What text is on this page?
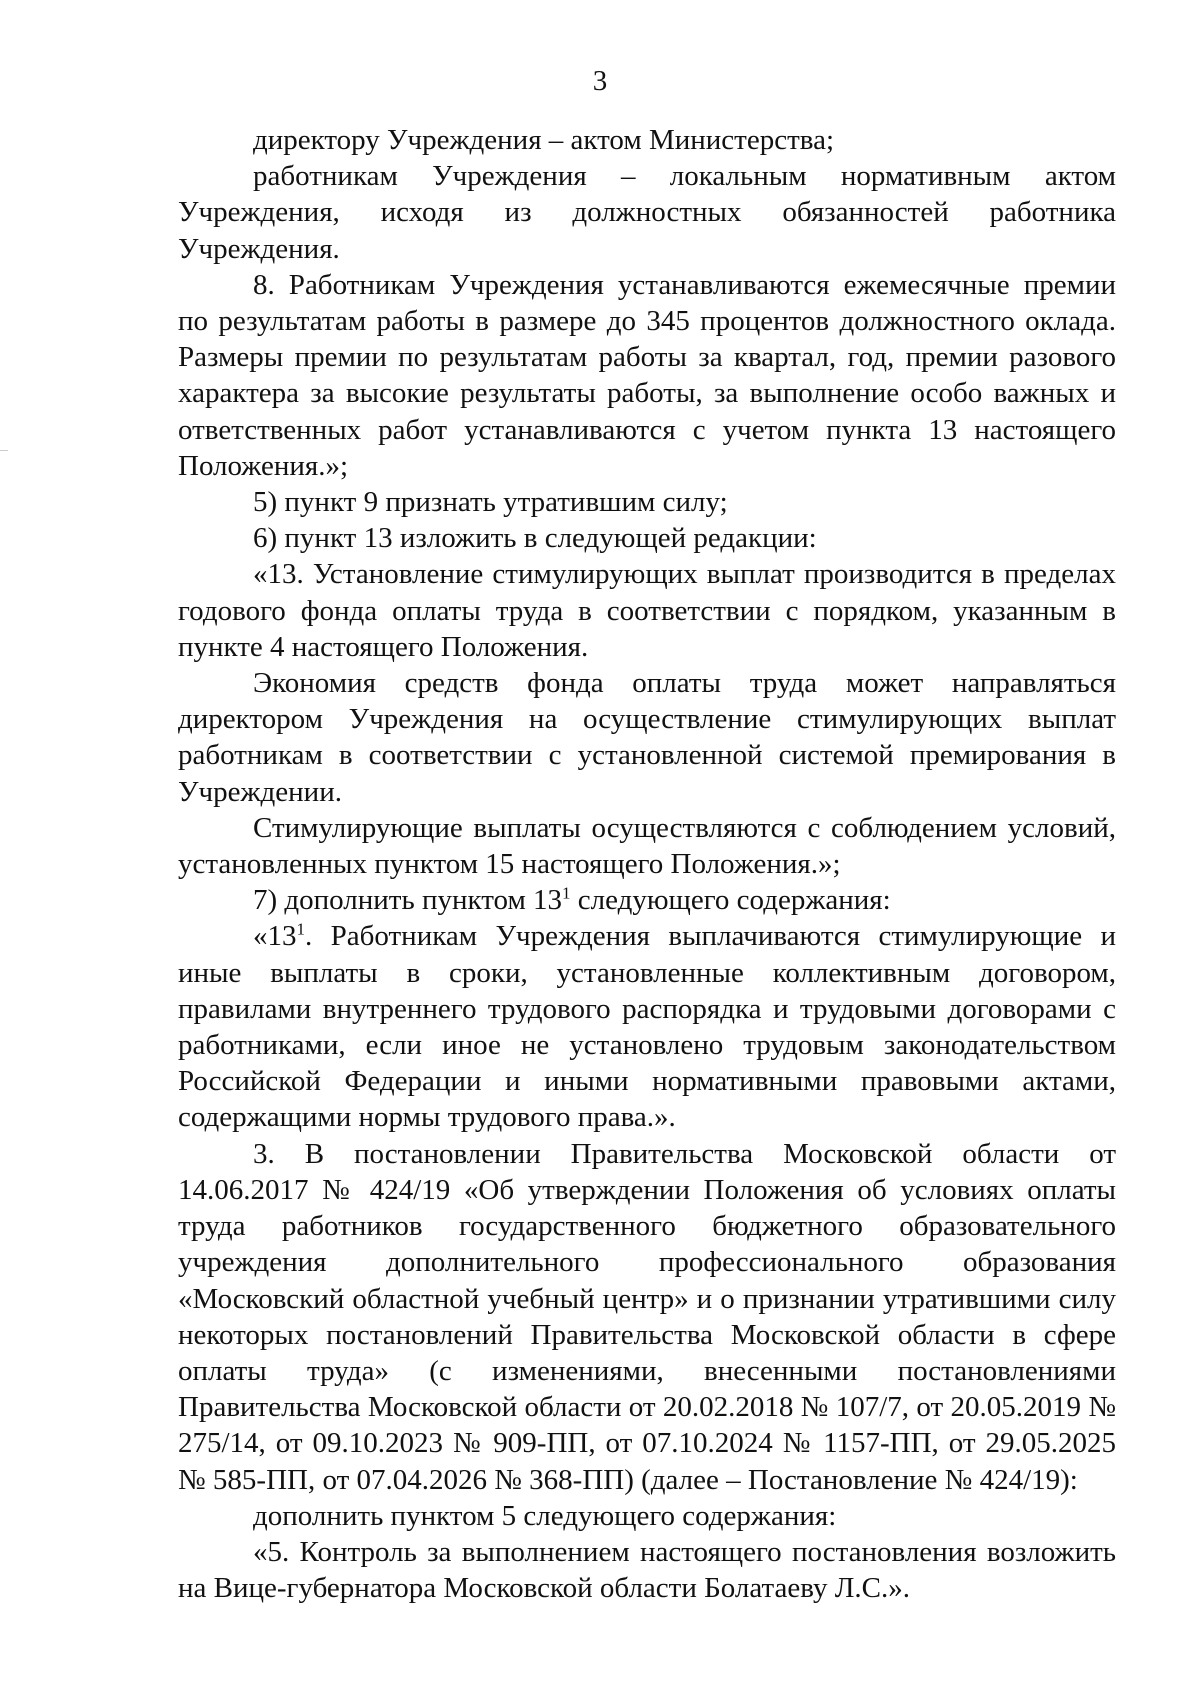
3

директору Учреждения – актом Министерства;

работникам Учреждения – локальным нормативным актом Учреждения, исходя из должностных обязанностей работника Учреждения.

8. Работникам Учреждения устанавливаются ежемесячные премии по результатам работы в размере до 345 процентов должностного оклада. Размеры премии по результатам работы за квартал, год, премии разового характера за высокие результаты работы, за выполнение особо важных и ответственных работ устанавливаются с учетом пункта 13 настоящего Положения.»;

5) пункт 9 признать утратившим силу;

6) пункт 13 изложить в следующей редакции:

«13. Установление стимулирующих выплат производится в пределах годового фонда оплаты труда в соответствии с порядком, указанным в пункте 4 настоящего Положения.

Экономия средств фонда оплаты труда может направляться директором Учреждения на осуществление стимулирующих выплат работникам в соответствии с установленной системой премирования в Учреждении.

Стимулирующие выплаты осуществляются с соблюдением условий, установленных пунктом 15 настоящего Положения.»;

7) дополнить пунктом $13^1$ следующего содержания:

«$13^1$. Работникам Учреждения выплачиваются стимулирующие и иные выплаты в сроки, установленные коллективным договором, правилами внутреннего трудового распорядка и трудовыми договорами с работниками, если иное не установлено трудовым законодательством Российской Федерации и иными нормативными правовыми актами, содержащими нормы трудового права.».

3. В постановлении Правительства Московской области от 14.06.2017 № 424/19 «Об утверждении Положения об условиях оплаты труда работников государственного бюджетного образовательного учреждения дополнительного профессионального образования «Московский областной учебный центр» и о признании утратившими силу некоторых постановлений Правительства Московской области в сфере оплаты труда» (с изменениями, внесенными постановлениями Правительства Московской области от 20.02.2018 № 107/7, от 20.05.2019 № 275/14, от 09.10.2023 № 909-ПП, от 07.10.2024 № 1157-ПП, от 29.05.2025 № 585-ПП, от 07.04.2026 № 368-ПП) (далее – Постановление № 424/19):

дополнить пунктом 5 следующего содержания:

«5. Контроль за выполнением настоящего постановления возложить на Вице-губернатора Московской области Болатаеву Л.С.».
